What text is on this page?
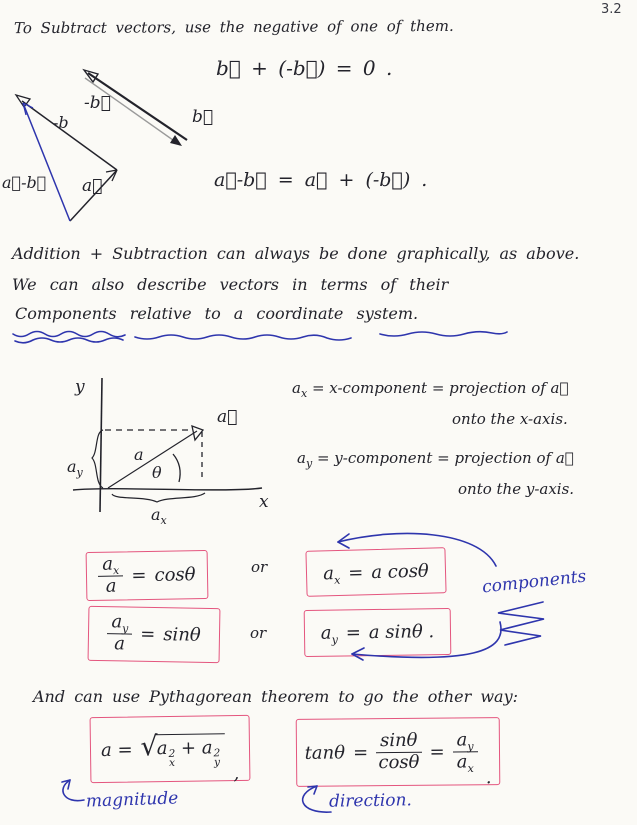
3.2
To Subtract vectors, use the negative of one of them.
b⃗ + (-b⃗) = 0 .
-b⃗
b⃗
-b
a⃗
a⃗-b⃗	a⃗-b⃗ = a⃗ + (-b⃗) .
Addition + Subtraction can always be done graphically, as above.
We can also describe vectors in terms of their
Components relative to a coordinate system.
y
x
a⃗
a
θ
$a_y$
$a_x$
$a_x$ = x-component = projection of a⃗
onto the x-axis.
$a_y$ = y-component = projection of a⃗
onto the y-axis.
$\frac{a_x}{a} = \cos\theta$	or	$a_x = a$ cosθ
$\frac{a_y}{a} = \sin\theta$	or	$a_y = a$ sinθ .
components
And can use Pythagorean theorem to go the other way:
a = √
a 2
x
+ a 2
y
,
$\tan\theta = \frac{\sin\theta}{\cos\theta} = \frac{a_y}{a_x}$
.
magnitude	direction.
